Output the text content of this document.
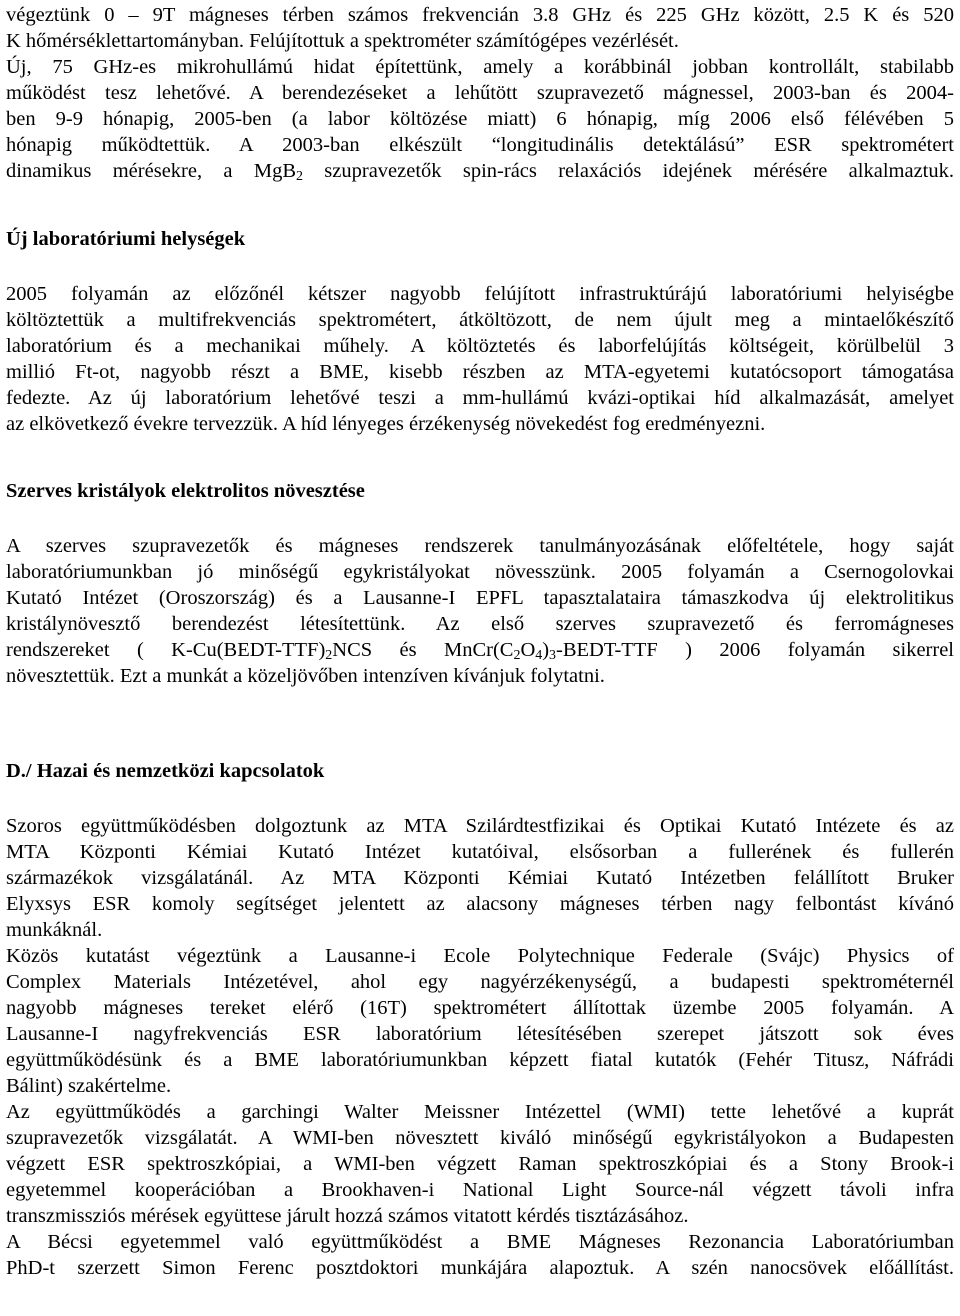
végeztünk 0 – 9T mágneses térben számos frekvencián 3.8 GHz és 225 GHz között, 2.5 K és 520
K hőmérséklettartományban. Felújítottuk a spektrométer számítógépes vezérlését.
Új, 75 GHz-es mikrohullámú hidat építettünk, amely a korábbinál jobban kontrollált, stabilabb
működést tesz lehetővé. A berendezéseket a lehűtött szupravezető mágnessel, 2003-ban és 2004-
ben 9-9 hónapig, 2005-ben (a labor költözése miatt) 6 hónapig, míg 2006 első félévében 5
hónapig működtettük. A 2003-ban elkészült “longitudinális detektálású” ESR spektrométert
dinamikus mérésekre, a MgB$_2$ szupravezetők spin-rács relaxációs idejének mérésére alkalmaztuk.
Új laboratóriumi helységek
2005 folyamán az előzőnél kétszer nagyobb felújított infrastruktúrájú laboratóriumi helyiségbe
költöztettük a multifrekvenciás spektrométert, átköltözott, de nem újult meg a mintaelőkészítő
laboratórium és a mechanikai műhely. A költöztetés és laborfelújítás költségeit, körülbelül 3
millió Ft-ot, nagyobb részt a BME, kisebb részben az MTA-egyetemi kutatócsoport támogatása
fedezte. Az új laboratórium lehetővé teszi a mm-hullámú kvázi-optikai híd alkalmazását, amelyet
az elkövetkező évekre tervezzük. A híd lényeges érzékenység növekedést fog eredményezni.
Szerves kristályok elektrolitos növesztése
A szerves szupravezetők és mágneses rendszerek tanulmányozásának előfeltétele, hogy saját
laboratóriumunkban jó minőségű egykristályokat növesszünk. 2005 folyamán a Csernogolovkai
Kutató Intézet (Oroszország) és a Lausanne-I EPFL tapasztalataira támaszkodva új elektrolitikus
kristálynövesztő berendezést létesítettünk. Az első szerves szupravezető és ferromágneses
rendszereket ( $K-Cu(BEDT-TTF)_2NCS$ és $MnCr(C_2O_4)_3-BEDT$-TTF ) 2006 folyamán sikerrel
növesztettük. Ezt a munkát a közeljövőben intenzíven kívánjuk folytatni.
D./ Hazai és nemzetközi kapcsolatok
Szoros együttműködésben dolgoztunk az MTA Szilárdtestfizikai és Optikai Kutató Intézete és az
MTA Központi Kémiai Kutató Intézet kutatóival, elsősorban a fullerének és fullerén
származékok vizsgálatánál. Az MTA Központi Kémiai Kutató Intézetben felállított Bruker
Elyxsys ESR komoly segítséget jelentett az alacsony mágneses térben nagy felbontást kívánó
munkáknál.
Közös kutatást végeztünk a Lausanne-i Ecole Polytechnique Federale (Svájc) Physics of
Complex Materials Intézetével, ahol egy nagyérzékenységű, a budapesti spektrométernél
nagyobb mágneses tereket elérő (16T) spektrométert állítottak üzembe 2005 folyamán. A
Lausanne-I nagyfrekvenciás ESR laboratórium létesítésében szerepet játszott sok éves
együttműködésünk és a BME laboratóriumunkban képzett fiatal kutatók (Fehér Titusz, Náfrádi
Bálint) szakértelme.
Az együttműködés a garchingi Walter Meissner Intézettel (WMI) tette lehetővé a kuprát
szupravezetők vizsgálatát. A WMI-ben növesztett kiváló minőségű egykristályokon a Budapesten
végzett ESR spektroszkópiai, a WMI-ben végzett Raman spektroszkópiai és a Stony Brook-i
egyetemmel kooperációban a Brookhaven-i National Light Source-nál végzett távoli infra
transzmissziós mérések együttese járult hozzá számos vitatott kérdés tisztázásához.
A Bécsi egyetemmel való együttműködést a BME Mágneses Rezonancia Laboratóriumban
PhD-t szerzett Simon Ferenc posztdoktori munkájára alapoztuk. A szén nanocsövek előállítást.
